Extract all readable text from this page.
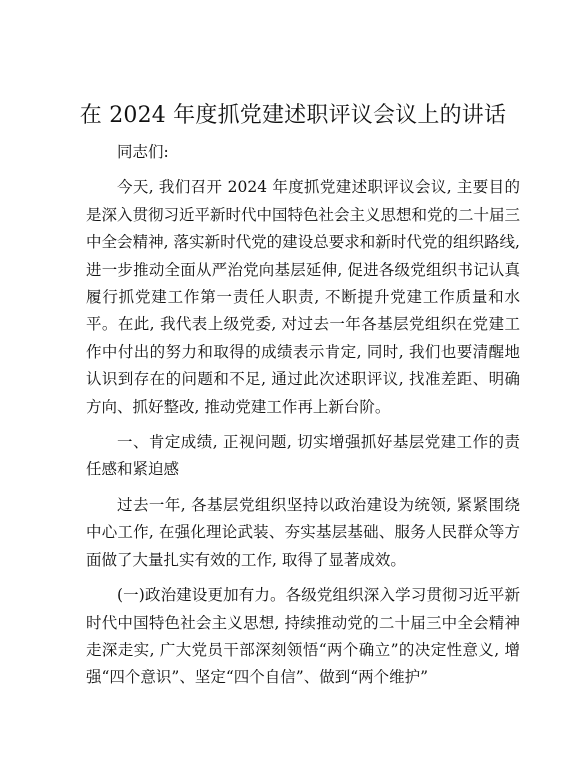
在 2024 年度抓党建述职评议会议上的讲话

同志们:

今天, 我们召开 2024 年度抓党建述职评议会议, 主要目的是深入贯彻习近平新时代中国特色社会主义思想和党的二十届三中全会精神, 落实新时代党的建设总要求和新时代党的组织路线, 进一步推动全面从严治党向基层延伸, 促进各级党组织书记认真履行抓党建工作第一责任人职责, 不断提升党建工作质量和水平。在此, 我代表上级党委, 对过去一年各基层党组织在党建工作中付出的努力和取得的成绩表示肯定, 同时, 我们也要清醒地认识到存在的问题和不足, 通过此次述职评议, 找准差距、明确方向、抓好整改, 推动党建工作再上新台阶。

一、肯定成绩, 正视问题, 切实增强抓好基层党建工作的责任感和紧迫感

过去一年, 各基层党组织坚持以政治建设为统领, 紧紧围绕中心工作, 在强化理论武装、夯实基层基础、服务人民群众等方面做了大量扎实有效的工作, 取得了显著成效。

(一)政治建设更加有力。各级党组织深入学习贯彻习近平新时代中国特色社会主义思想, 持续推动党的二十届三中全会精神走深走实, 广大党员干部深刻领悟“两个确立”的决定性意义, 增强“四个意识”、坚定“四个自信”、做到“两个维护”
